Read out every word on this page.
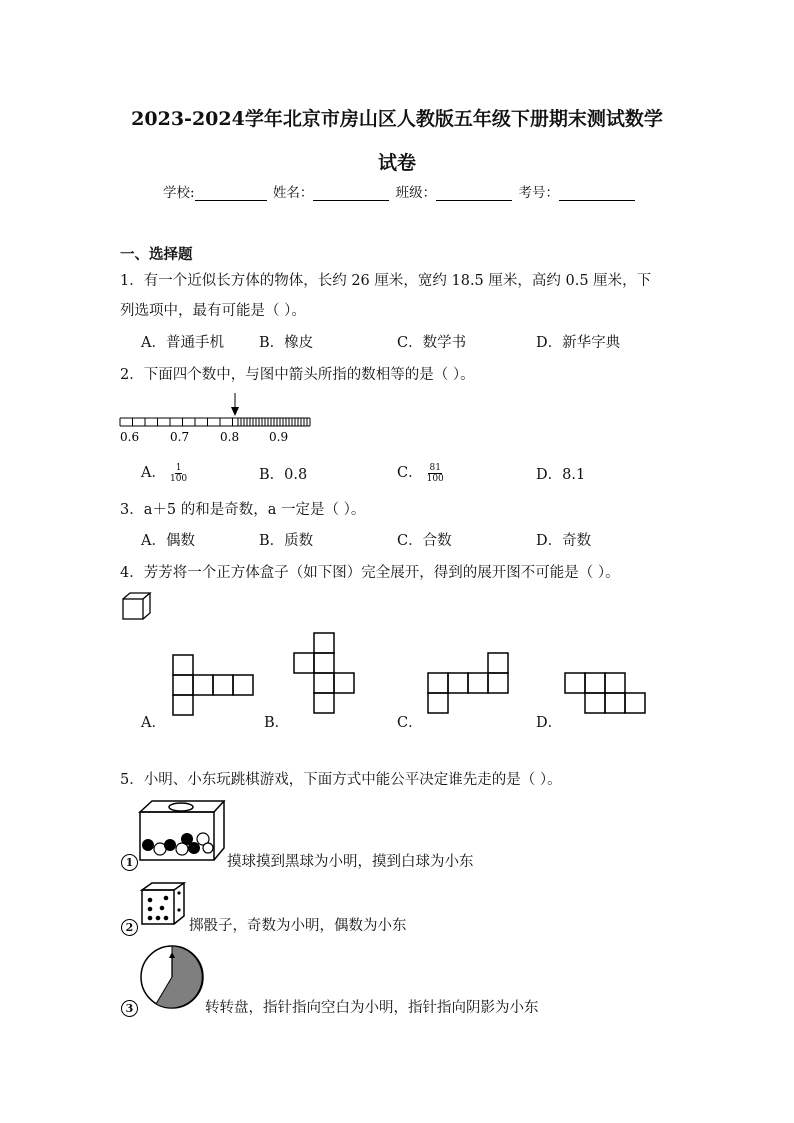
2023-2024学年北京市房山区人教版五年级下册期末测试数学
试卷
学校:	姓名：	班级：	考号：
一、选择题
1．有一个近似长方体的物体，长约 26 厘米，宽约 18.5 厘米，高约 0.5 厘米，下
列选项中，最有可能是（ ）。
A．普通手机 B．橡皮	C．数学书	D．新华字典
2．下面四个数中，与图中箭头所指的数相等的是（ ）。
0.6	0.7	0.8 0.9
A． $\frac{1}{100}$	B．0.8	C． $\frac{81}{100}$	D．8.1
3．a＋5 的和是奇数，a 一定是（ ）。
A．偶数	B．质数	C．合数	D．奇数
4．芳芳将一个正方体盒子（如下图）完全展开，得到的展开图不可能是（ ）。
A．	B．	C．	D．
5．小明、小东玩跳棋游戏，下面方式中能公平决定谁先走的是（ ）。
1	摸球摸到黑球为小明，摸到白球为小东
2	掷骰子，奇数为小明，偶数为小东
3	转转盘，指针指向空白为小明，指针指向阴影为小东
